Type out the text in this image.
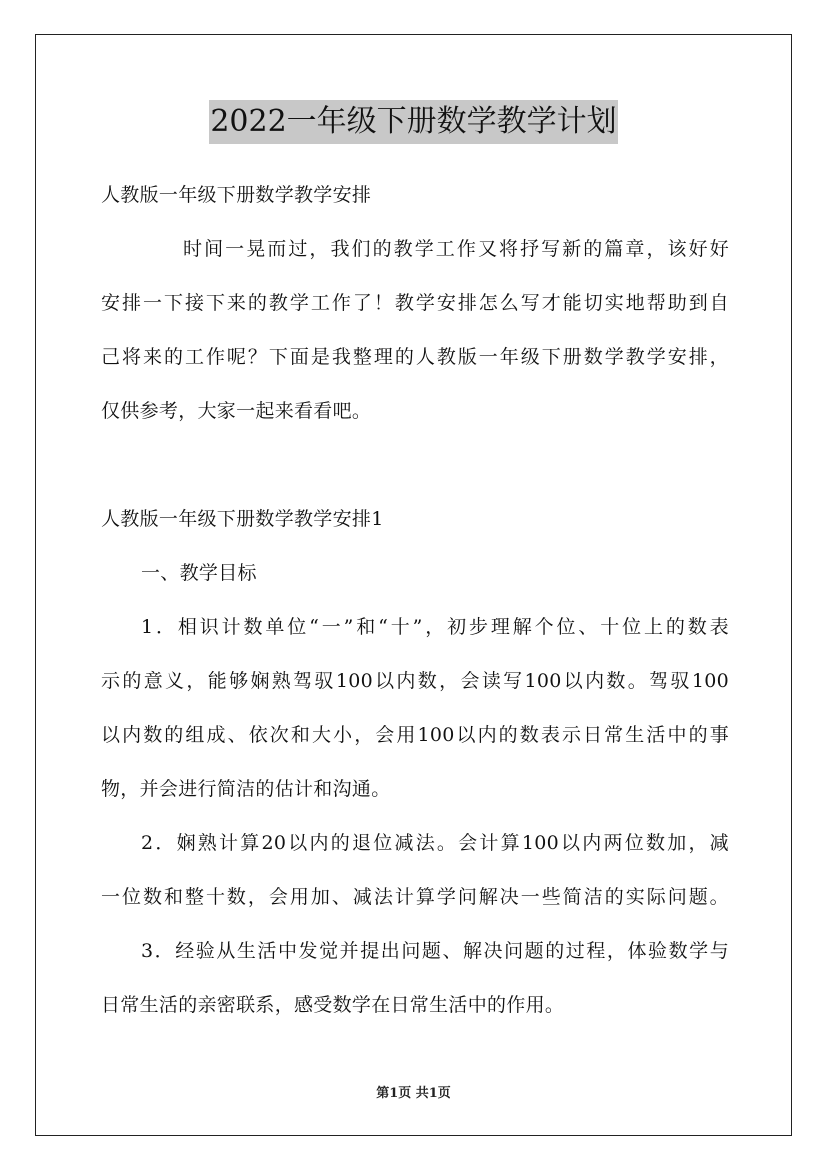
2022一年级下册数学教学计划
人教版一年级下册数学教学安排
时间一晃而过，我们的教学工作又将抒写新的篇章，该好好
安排一下接下来的教学工作了！教学安排怎么写才能切实地帮助到自
己将来的工作呢？下面是我整理的人教版一年级下册数学教学安排，
仅供参考，大家一起来看看吧。
人教版一年级下册数学教学安排1
一、教学目标
1．相识计数单位“一”和“十”，初步理解个位、十位上的数表
示的意义，能够娴熟驾驭100以内数，会读写100以内数。驾驭100
以内数的组成、依次和大小，会用100以内的数表示日常生活中的事
物，并会进行简洁的估计和沟通。
2．娴熟计算20以内的退位减法。会计算100以内两位数加，减
一位数和整十数，会用加、减法计算学问解决一些简洁的实际问题。
3．经验从生活中发觉并提出问题、解决问题的过程，体验数学与
日常生活的亲密联系，感受数学在日常生活中的作用。
第1页 共1页
